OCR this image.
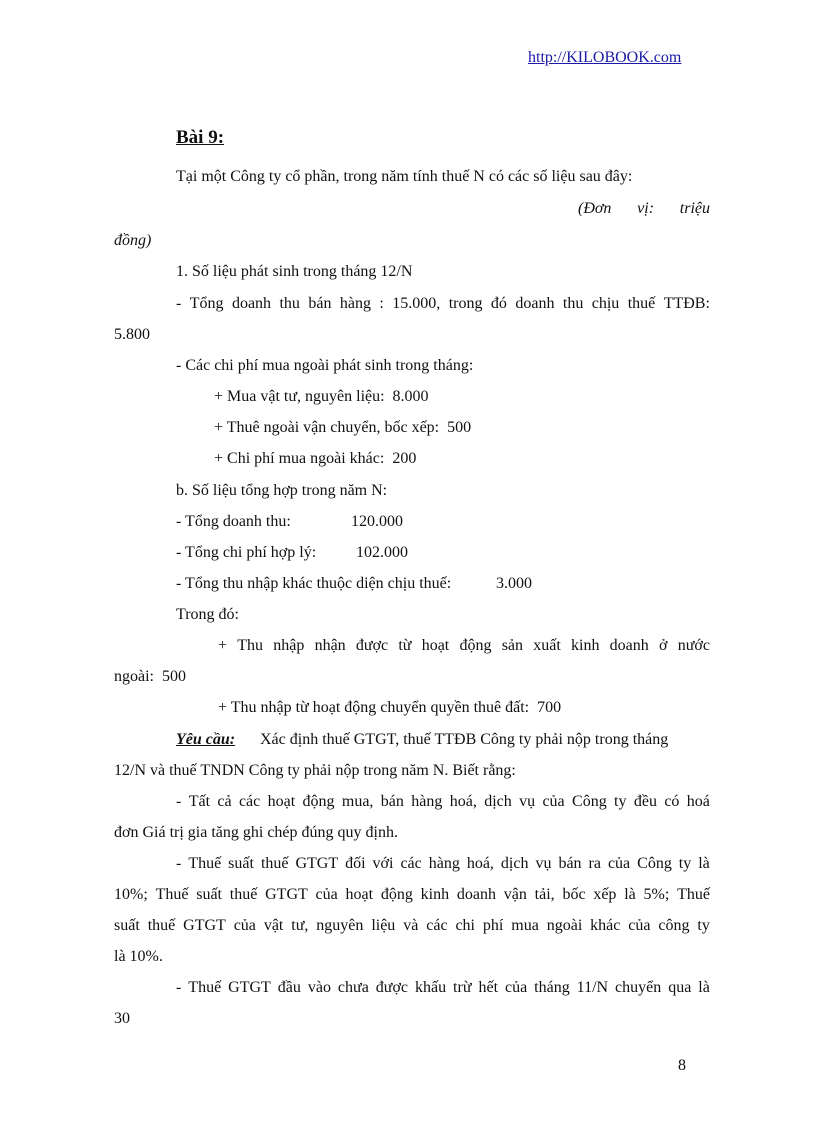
http://KILOBOOK.com
Bài 9:
Tại một Công ty cổ phần, trong năm tính thuế N có các số liệu sau đây:
(Đơn vị: triệu
đồng)
1. Số liệu phát sinh trong tháng 12/N
- Tổng doanh thu bán hàng : 15.000, trong đó doanh thu chịu thuế TTĐB:
5.800
- Các chi phí mua ngoài phát sinh trong tháng:
+ Mua vật tư, nguyên liệu:  8.000
+ Thuê ngoài vận chuyển, bốc xếp:  500
+ Chi phí mua ngoài khác:  200
b. Số liệu tổng hợp trong năm N:
- Tổng doanh thu:	120.000
- Tổng chi phí hợp lý: 102.000
- Tổng thu nhập khác thuộc diện chịu thuế:	3.000
Trong đó:
+ Thu nhập nhận được từ hoạt động sản xuất kinh doanh ở nước
ngoài:  500
+ Thu nhập từ hoạt động chuyển quyền thuê đất:  700
Yêu cầu: Xác định thuế GTGT, thuế TTĐB Công ty phải nộp trong tháng
12/N và thuế TNDN Công ty phải nộp trong năm N. Biết rằng:
- Tất cả các hoạt động mua, bán hàng hoá, dịch vụ của Công ty đều có hoá
đơn Giá trị gia tăng ghi chép đúng quy định.
- Thuế suất thuế GTGT đối với các hàng hoá, dịch vụ bán ra của Công ty là
10%; Thuế suất thuế GTGT của hoạt động kinh doanh vận tải, bốc xếp là 5%; Thuế
suất thuế GTGT của vật tư, nguyên liệu và các chi phí mua ngoài khác của công ty
là 10%.
- Thuế GTGT đầu vào chưa được khấu trừ hết của tháng 11/N chuyển qua là
30
8
